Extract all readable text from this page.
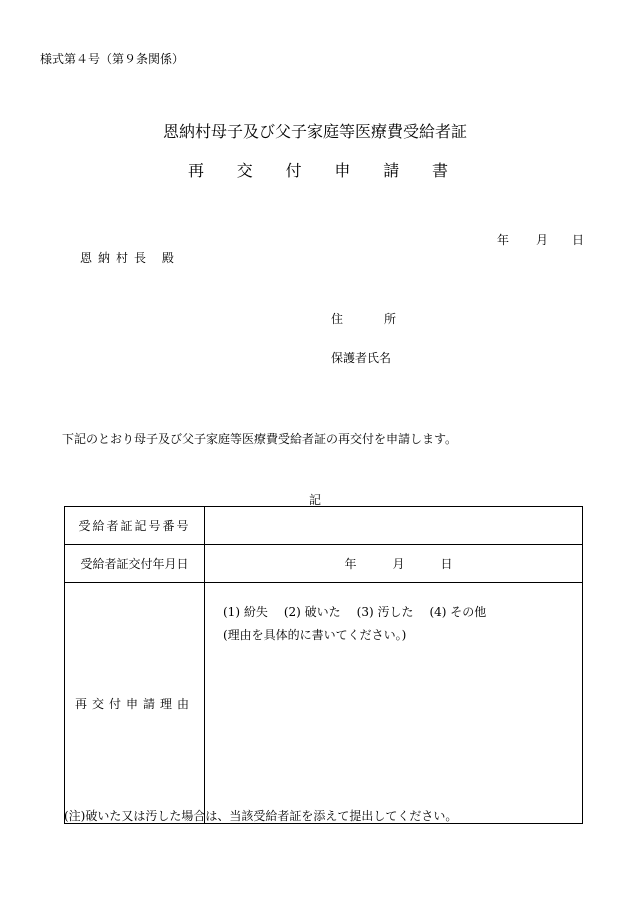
様式第４号（第９条関係）
恩納村母子及び父子家庭等医療費受給者証
再 交 付 申 請 書
年 月 日
恩納村長 殿
住	所
保護者氏名
下記のとおり母子及び父子家庭等医療費受給者証の再交付を申請します。
記
受給者証記号番号	
受給者証交付年月日	年 月 日

再交付申請理由	(1) 紛失 (2) 破いた (3) 汚した (4) その他
(理由を具体的に書いてください。)
(注)破いた又は汚した場合は、当該受給者証を添えて提出してください。
